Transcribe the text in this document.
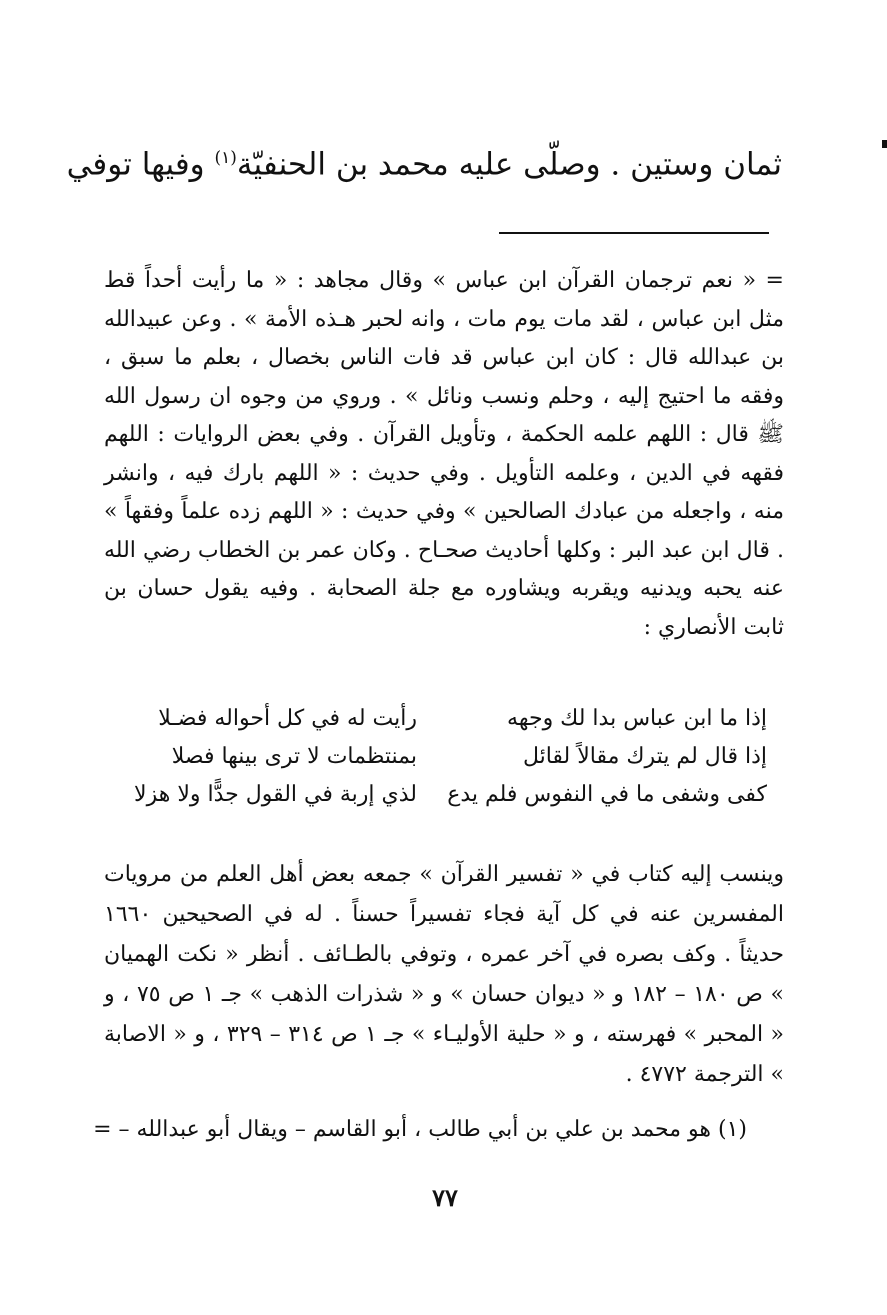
ثمان وستين . وصلّى عليه محمد بن الحنفيّة$^{(١)}$ وفيها توفي

= « نعم ترجمان القرآن ابن عباس » وقال مجاهد : « ما رأيت أحداً قط مثل ابن عباس ، لقد مات يوم مات ، وانه لحبر هـذه الأمة » . وعن عبيدالله بن عبدالله قال : كان ابن عباس قد فات الناس بخصال ، بعلم ما سبق ، وفقه ما احتيج إليه ، وحلم ونسب ونائل » . وروي من وجوه ان رسول الله ﷺ قال : اللهم علمه الحكمة ، وتأويل القرآن . وفي بعض الروايات : اللهم فقهه في الدين ، وعلمه التأويل . وفي حديث : « اللهم بارك فيه ، وانشر منه ، واجعله من عبادك الصالحين » وفي حديث : « اللهم زده علماً وفقهاً » . قال ابن عبد البر : وكلها أحاديث صحـاح . وكان عمر بن الخطاب رضي الله عنه يحبه ويدنيه ويقربه ويشاوره مع جلة الصحابة . وفيه يقول حسان بن ثابت الأنصاري :

إذا ما ابن عباس بدا لك وجهه
رأيت له في كل أحواله فضـلا
إذا قال لم يترك مقالاً لقائل
بمنتظمات لا ترى بينها فصلا
كفى وشفى ما في النفوس فلم يدع
لذي إربة في القول جدًّا ولا هزلا

وينسب إليه كتاب في « تفسير القرآن » جمعه بعض أهل العلم من مرويات المفسرين عنه في كل آية فجاء تفسيراً حسناً . له في الصحيحين ١٦٦٠ حديثاً . وكف بصره في آخر عمره ، وتوفي بالطـائف . أنظر « نكت الهميان » ص ١٨٠ – ١٨٢ و « ديوان حسان » و « شذرات الذهب » جـ ١ ص ٧٥ ، و « المحبر » فهرسته ، و « حلية الأوليـاء » جـ ١ ص ٣١٤ – ٣٢٩ ، و « الاصابة » الترجمة ٤٧٧٢ .

(١) هو محمد بن علي بن أبي طالب ، أبو القاسم – ويقال أبو عبدالله – =
٧٧
